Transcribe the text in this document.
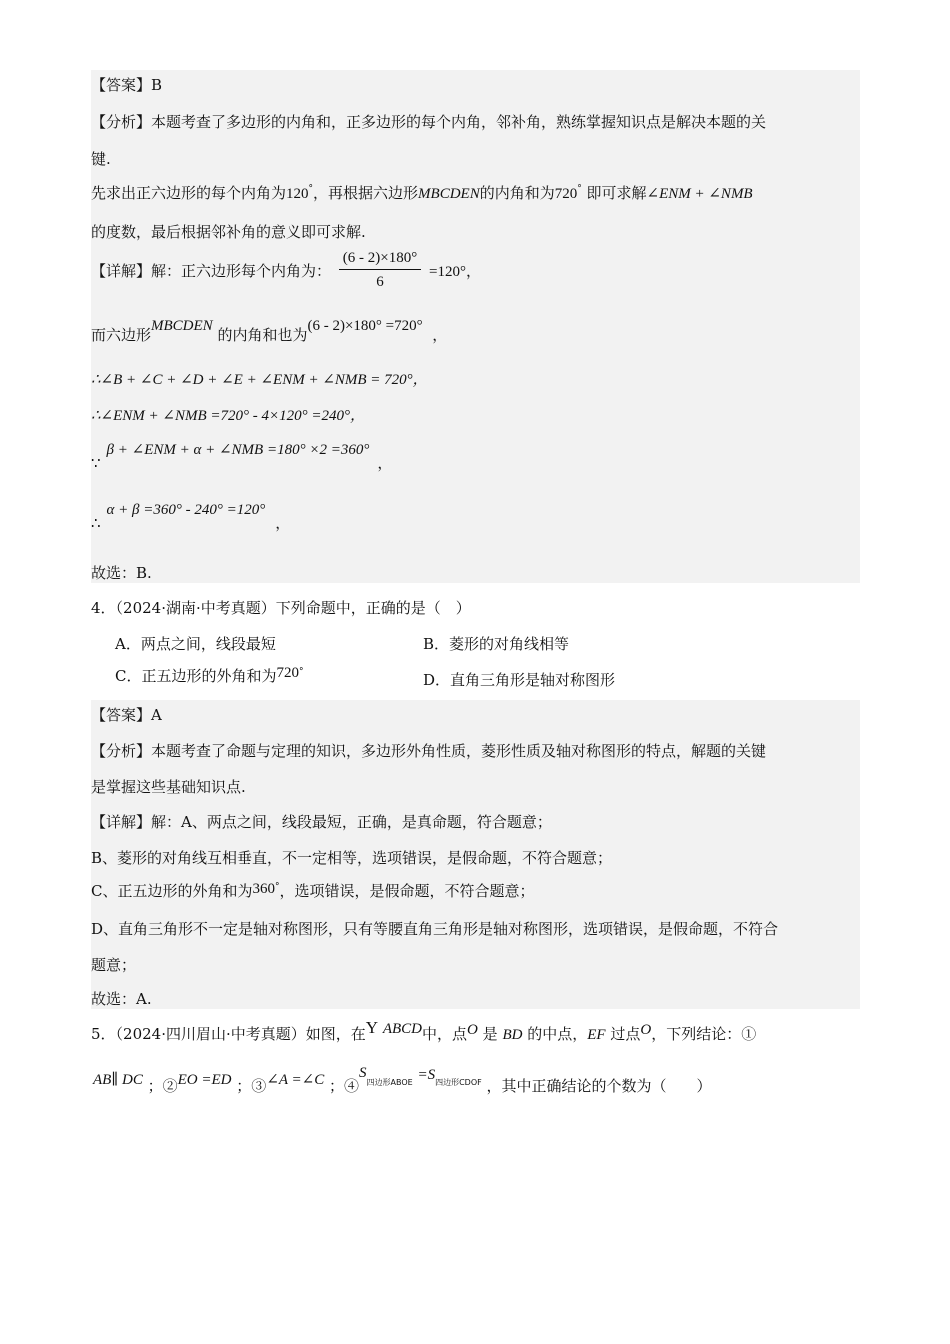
【答案】B
【分析】本题考查了多边形的内角和，正多边形的每个内角，邻补角，熟练掌握知识点是解决本题的关
键.
先求出正六边形的每个内角为120°，再根据六边形MBCDEN的内角和为720° 即可求解∠ENM + ∠NMB
的度数，最后根据邻补角的意义即可求解.
【详解】解：正六边形每个内角为： $\frac{(6 - 2)\times 180^\circ}{6} =120^\circ$，
而六边形MBCDEN 的内角和也为(6 - 2)×180° =720° ，
∴∠B + ∠C + ∠D + ∠E + ∠ENM + ∠NMB = 720°，
∴∠ENM + ∠NMB =720° - 4×120° =240°，
∵β + ∠ENM + α + ∠NMB =180° ×2 =360°，
∴α + β =360° - 240° =120°，
故选：B.
4．（2024·湖南·中考真题）下列命题中，正确的是（　）
A．两点之间，线段最短	B．菱形的对角线相等
C．正五边形的外角和为720°	D．直角三角形是轴对称图形
【答案】A
【分析】本题考查了命题与定理的知识，多边形外角性质，菱形性质及轴对称图形的特点，解题的关键
是掌握这些基础知识点.
【详解】解：A、两点之间，线段最短，正确，是真命题，符合题意；
B、菱形的对角线互相垂直，不一定相等，选项错误，是假命题，不符合题意；
C、正五边形的外角和为360°，选项错误，是假命题，不符合题意；
D、直角三角形不一定是轴对称图形，只有等腰直角三角形是轴对称图形，选项错误，是假命题，不符合
题意；
故选：A.
5．（2024·四川眉山·中考真题）如图，在Y ABCD中，点O 是 BD 的中点，EF 过点O，下列结论：①
AB∥ DC ；②EO =ED ；③∠A =∠C ；$④S^{四边形ABOE} =S^{四边形CDOF}$ ，其中正确结论的个数为（　　）
